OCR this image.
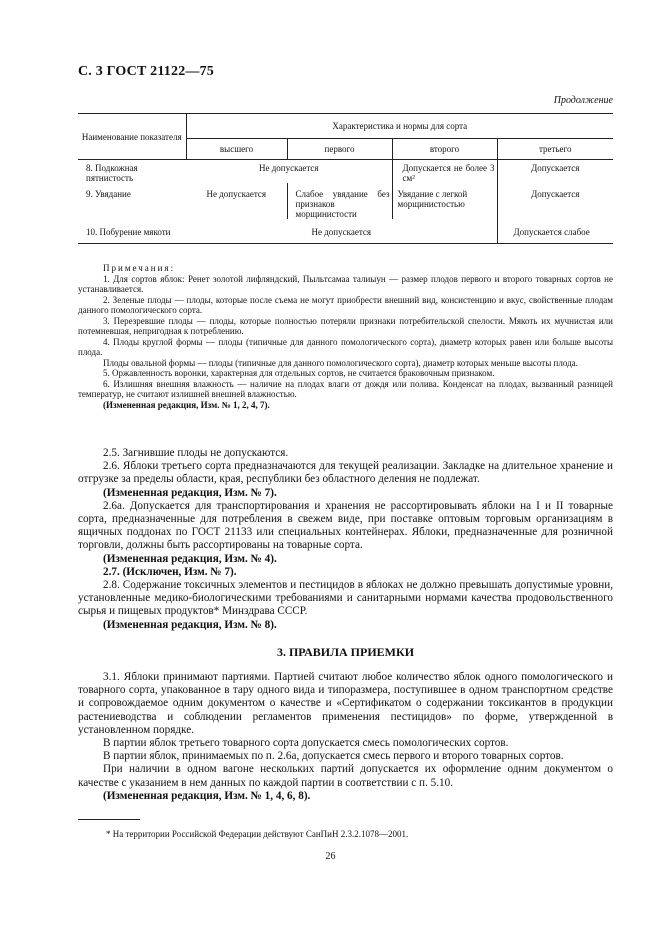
С. 3 ГОСТ 21122—75
Продолжение
Наименование показателя	Характеристика и нормы для сорта			
	высшего	первого	второго	третьего
8. Подкожная пятнистость	Не допускается		Допускается не более 3 см²	Допускается
9. Увядание	Не допускается	Слабое увядание без признаков морщинистости	Увядание с легкой морщинистостью	Допускается
10. Побурение мякоти	Не допускается			Допускается слабое

Примечания:

1. Для сортов яблок: Ренет золотой лифляндский, Пыльтсамаа талиыун — размер плодов первого и второго товарных сортов не устанавливается.

2. Зеленые плоды — плоды, которые после съема не могут приобрести внешний вид, консистенцию и вкус, свойственные плодам данного помологического сорта.

3. Перезревшие плоды — плоды, которые полностью потеряли признаки потребительской спелости. Мякоть их мучнистая или потемневшая, непригодная к потреблению.

4. Плоды круглой формы — плоды (типичные для данного помологического сорта), диаметр которых равен или больше высоты плода.

Плоды овальной формы — плоды (типичные для данного помологического сорта), диаметр которых меньше высоты плода.

5. Оржавленность воронки, характерная для отдельных сортов, не считается браковочным признаком.

6. Излишняя внешняя влажность — наличие на плодах влаги от дождя или полива. Конденсат на плодах, вызванный разницей температур, не считают излишней внешней влажностью.

(Измененная редакция, Изм. № 1, 2, 4, 7).

2.5. Загнившие плоды не допускаются.

2.6. Яблоки третьего сорта предназначаются для текущей реализации. Закладке на длительное хранение и отгрузке за пределы области, края, республики без областного деления не подлежат.

(Измененная редакция, Изм. № 7).

2.6а. Допускается для транспортирования и хранения не рассортировывать яблоки на I и II товарные сорта, предназначенные для потребления в свежем виде, при поставке оптовым торговым организациям в ящичных поддонах по ГОСТ 21133 или специальных контейнерах. Яблоки, предназначенные для розничной торговли, должны быть рассортированы на товарные сорта.

(Измененная редакция, Изм. № 4).

2.7. (Исключен, Изм. № 7).

2.8. Содержание токсичных элементов и пестицидов в яблоках не должно превышать допустимые уровни, установленные медико-биологическими требованиями и санитарными нормами качества продовольственного сырья и пищевых продуктов* Минздрава СССР.

(Измененная редакция, Изм. № 8).

3. ПРАВИЛА ПРИЕМКИ

3.1. Яблоки принимают партиями. Партией считают любое количество яблок одного помологического и товарного сорта, упакованное в тару одного вида и типоразмера, поступившее в одном транспортном средстве и сопровождаемое одним документом о качестве и «Сертификатом о содержании токсикантов в продукции растениеводства и соблюдении регламентов применения пестицидов» по форме, утвержденной в установленном порядке.

В партии яблок третьего товарного сорта допускается смесь помологических сортов.

В партии яблок, принимаемых по п. 2.6а, допускается смесь первого и второго товарных сортов.

При наличии в одном вагоне нескольких партий допускается их оформление одним документом о качестве с указанием в нем данных по каждой партии в соответствии с п. 5.10.

(Измененная редакция, Изм. № 1, 4, 6, 8).

* На территории Российской Федерации действуют СанПиН 2.3.2.1078—2001.
26
